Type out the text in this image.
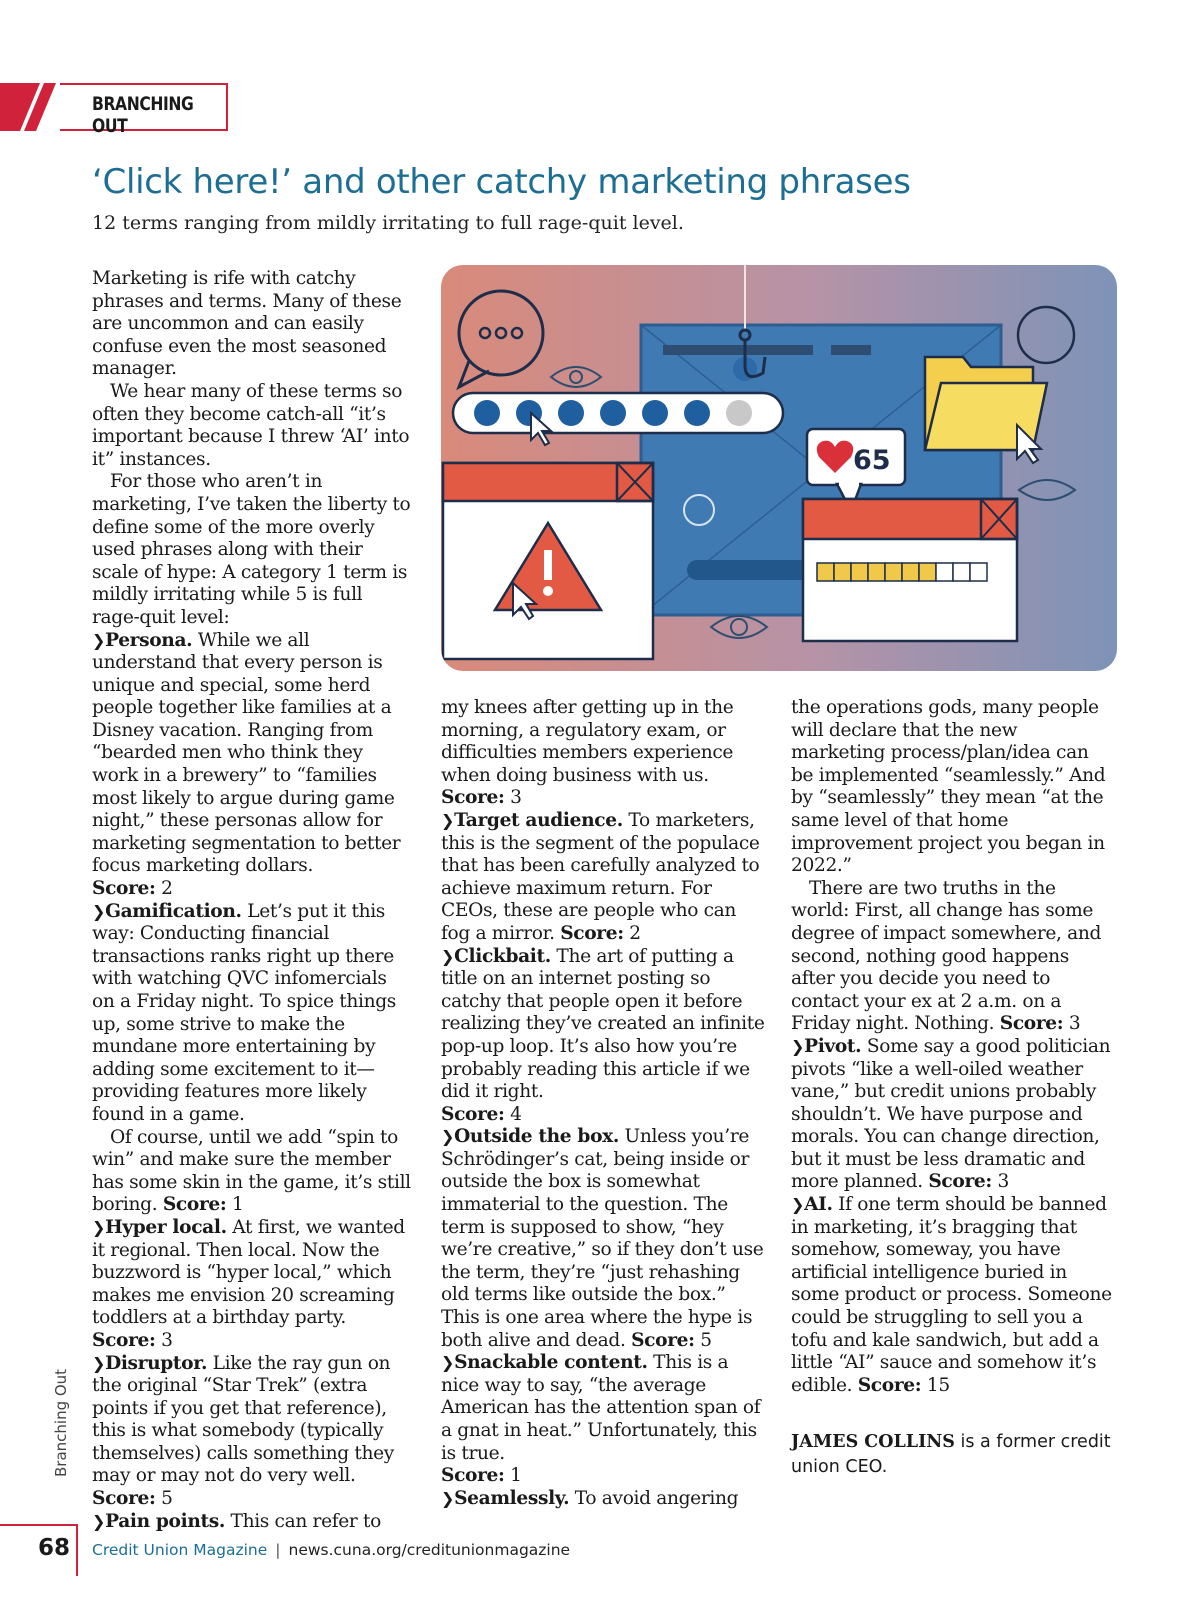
BRANCHING OUT
‘Click here!’ and other catchy marketing phrases
12 terms ranging from mildly irritating to full rage-quit level.

Marketing is rife with catchy phrases and terms. Many of these are uncommon and can easily confuse even the most seasoned manager.

We hear many of these terms so often they become catch-all “it’s important because I threw ‘AI’ into it” instances.

For those who aren’t in marketing, I’ve taken the liberty to define some of the more overly used phrases along with their scale of hype: A category 1 term is mildly irritating while 5 is full rage-quit level:

❯Persona. While we all understand that every person is unique and special, some herd people together like families at a Disney vacation. Ranging from “bearded men who think they work in a brewery” to “families most likely to argue during game night,” these personas allow for marketing segmentation to better focus marketing dollars.
Score: 2

❯Gamification. Let’s put it this way: Conducting financial transactions ranks right up there with watching QVC infomercials on a Friday night. To spice things up, some strive to make the mundane more entertaining by adding some excitement to it—providing features more likely found in a game.

Of course, until we add “spin to win” and make sure the member has some skin in the game, it’s still boring. Score: 1

❯Hyper local. At first, we wanted it regional. Then local. Now the buzzword is “hyper local,” which makes me envision 20 screaming toddlers at a birthday party. Score: 3

❯Disruptor. Like the ray gun on the original “Star Trek” (extra points if you get that reference), this is what somebody (typically themselves) calls something they may or may not do very well. Score: 5

❯Pain points. This can refer to

65

my knees after getting up in the morning, a regulatory exam, or difficulties members experience when doing business with us.
Score: 3

❯Target audience. To marketers, this is the segment of the populace that has been carefully analyzed to achieve maximum return. For CEOs, these are people who can fog a mirror. Score: 2

❯Clickbait. The art of putting a title on an internet posting so catchy that people open it before realizing they’ve created an infinite pop-up loop. It’s also how you’re probably reading this article if we did it right.
Score: 4

❯Outside the box. Unless you’re Schrödinger’s cat, being inside or outside the box is somewhat immaterial to the question. The term is supposed to show, “hey we’re creative,” so if they don’t use the term, they’re “just rehashing old terms like outside the box.” This is one area where the hype is both alive and dead. Score: 5

❯Snackable content. This is a nice way to say, “the average American has the attention span of a gnat in heat.” Unfortunately, this is true.
Score: 1

❯Seamlessly. To avoid angering

the operations gods, many people will declare that the new marketing process/plan/idea can be implemented “seamlessly.” And by “seamlessly” they mean “at the same level of that home improvement project you began in 2022.”

There are two truths in the world: First, all change has some degree of impact somewhere, and second, nothing good happens after you decide you need to contact your ex at 2 a.m. on a Friday night. Nothing. Score: 3

❯Pivot. Some say a good politician pivots “like a well-oiled weather vane,” but credit unions probably shouldn’t. We have purpose and morals. You can change direction, but it must be less dramatic and more planned. Score: 3

❯AI. If one term should be banned in marketing, it’s bragging that somehow, someway, you have artificial intelligence buried in some product or process. Someone could be struggling to sell you a tofu and kale sandwich, but add a little “AI” sauce and somehow it’s edible. Score: 15

JAMES COLLINS is a former credit union CEO.
Branching Out
68 Credit Union Magazine | news.cuna.org/creditunionmagazine
